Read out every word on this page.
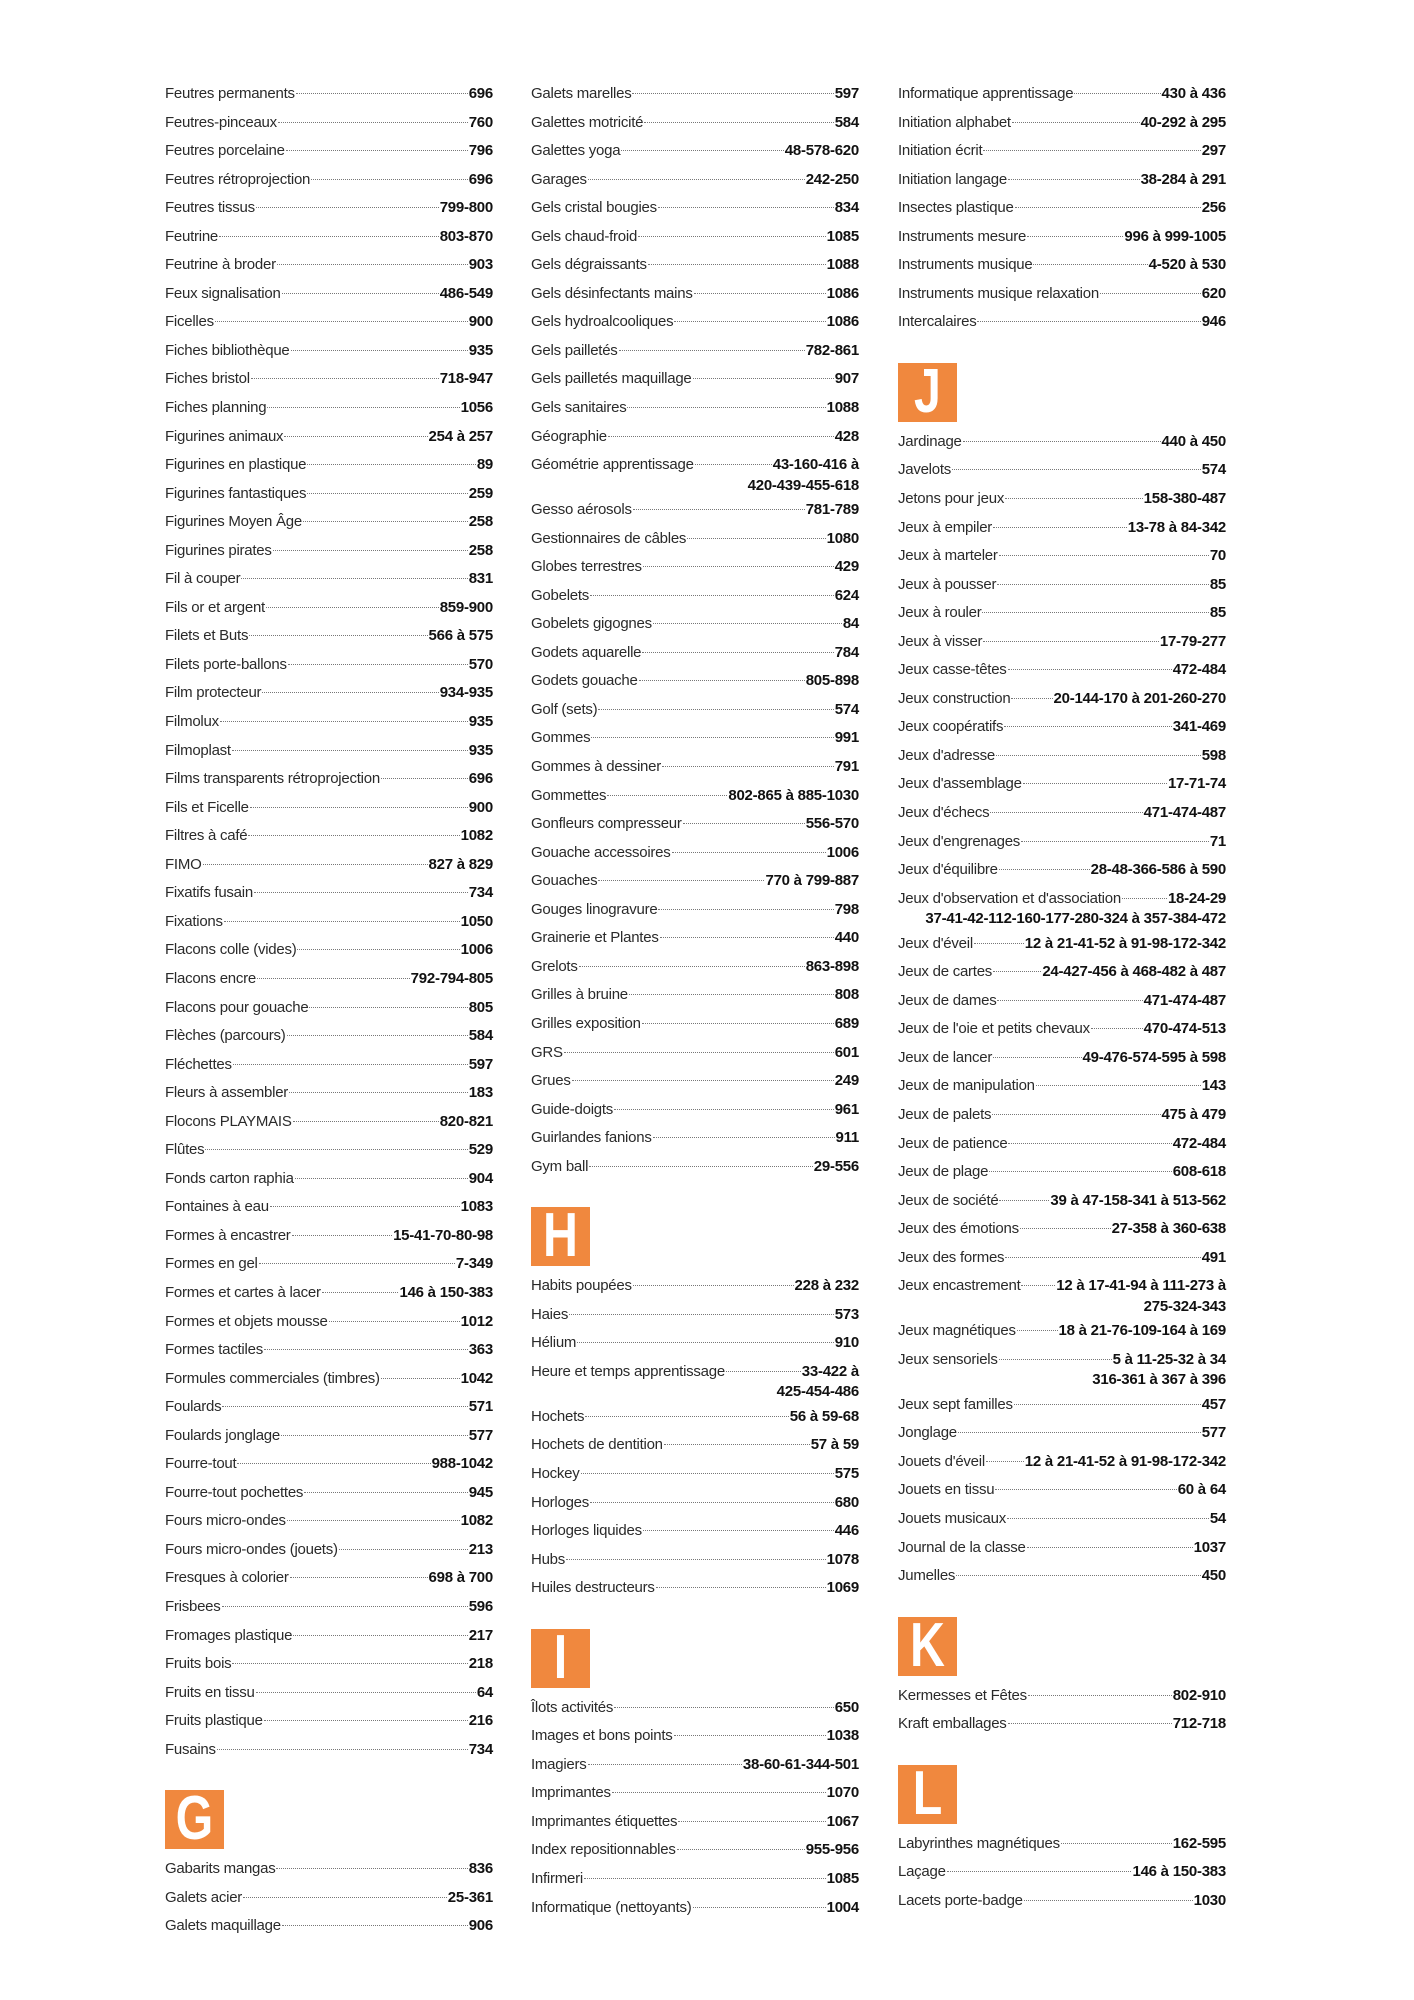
Feutres permanents	696
Feutres-pinceaux	760
Feutres porcelaine	796
Feutres rétroprojection	696
Feutres tissus	799-800
Feutrine	803-870
Feutrine à broder	903
Feux signalisation	486-549
Ficelles	900
Fiches bibliothèque	935
Fiches bristol	718-947
Fiches planning	1056
Figurines animaux	254 à 257
Figurines en plastique	89
Figurines fantastiques	259
Figurines Moyen Âge	258
Figurines pirates	258
Fil à couper	831
Fils or et argent	859-900
Filets et Buts	566 à 575
Filets porte-ballons	570
Film protecteur	934-935
Filmolux	935
Filmoplast	935
Films transparents rétroprojection	696
Fils et Ficelle	900
Filtres à café	1082
FIMO	827 à 829
Fixatifs fusain	734
Fixations	1050
Flacons colle (vides)	1006
Flacons encre	792-794-805
Flacons pour gouache	805
Flèches (parcours)	584
Fléchettes	597
Fleurs à assembler	183
Flocons PLAYMAIS	820-821
Flûtes	529
Fonds carton raphia	904
Fontaines à eau	1083
Formes à encastrer	15-41-70-80-98
Formes en gel	7-349
Formes et cartes à lacer	146 à 150-383
Formes et objets mousse	1012
Formes tactiles	363
Formules commerciales (timbres)	1042
Foulards	571
Foulards jonglage	577
Fourre-tout	988-1042
Fourre-tout pochettes	945
Fours micro-ondes	1082
Fours micro-ondes (jouets)	213
Fresques à colorier	698 à 700
Frisbees	596
Fromages plastique	217
Fruits bois	218
Fruits en tissu	64
Fruits plastique	216
Fusains	734
G
Gabarits mangas	836
Galets acier	25-361
Galets maquillage	906
Galets marelles	597
Galettes motricité	584
Galettes yoga	48-578-620
Garages	242-250
Gels cristal bougies	834
Gels chaud-froid	1085
Gels dégraissants	1088
Gels désinfectants mains	1086
Gels hydroalcooliques	1086
Gels pailletés	782-861
Gels pailletés maquillage	907
Gels sanitaires	1088
Géographie	428
Géométrie apprentissage	43-160-416 à
420-439-455-618
Gesso aérosols	781-789
Gestionnaires de câbles	1080
Globes terrestres	429
Gobelets	624
Gobelets gigognes	84
Godets aquarelle	784
Godets gouache	805-898
Golf (sets)	574
Gommes	991
Gommes à dessiner	791
Gommettes	802-865 à 885-1030
Gonfleurs compresseur	556-570
Gouache accessoires	1006
Gouaches	770 à 799-887
Gouges linogravure	798
Grainerie et Plantes	440
Grelots	863-898
Grilles à bruine	808
Grilles exposition	689
GRS	601
Grues	249
Guide-doigts	961
Guirlandes fanions	911
Gym ball	29-556
H
Habits poupées	228 à 232
Haies	573
Hélium	910
Heure et temps apprentissage	33-422 à
425-454-486
Hochets	56 à 59-68
Hochets de dentition	57 à 59
Hockey	575
Horloges	680
Horloges liquides	446
Hubs	1078
Huiles destructeurs	1069
I
Îlots activités	650
Images et bons points	1038
Imagiers	38-60-61-344-501
Imprimantes	1070
Imprimantes étiquettes	1067
Index repositionnables	955-956
Infirmeri	1085
Informatique (nettoyants)	1004
Informatique apprentissage	430 à 436
Initiation alphabet	40-292 à 295
Initiation écrit	297
Initiation langage	38-284 à 291
Insectes plastique	256
Instruments mesure	996 à 999-1005
Instruments musique	4-520 à 530
Instruments musique relaxation	620
Intercalaires	946
J
Jardinage	440 à 450
Javelots	574
Jetons pour jeux	158-380-487
Jeux à empiler	13-78 à 84-342
Jeux à marteler	70
Jeux à pousser	85
Jeux à rouler	85
Jeux à visser	17-79-277
Jeux casse-têtes	472-484
Jeux construction	20-144-170 à 201-260-270
Jeux coopératifs	341-469
Jeux d'adresse	598
Jeux d'assemblage	17-71-74
Jeux d'échecs	471-474-487
Jeux d'engrenages	71
Jeux d'équilibre	28-48-366-586 à 590
Jeux d'observation et d'association	18-24-29
37-41-42-112-160-177-280-324 à 357-384-472
Jeux d'éveil	12 à 21-41-52 à 91-98-172-342
Jeux de cartes	24-427-456 à 468-482 à 487
Jeux de dames	471-474-487
Jeux de l'oie et petits chevaux	470-474-513
Jeux de lancer	49-476-574-595 à 598
Jeux de manipulation	143
Jeux de palets	475 à 479
Jeux de patience	472-484
Jeux de plage	608-618
Jeux de société	39 à 47-158-341 à 513-562
Jeux des émotions	27-358 à 360-638
Jeux des formes	491
Jeux encastrement 12 à 17-41-94 à 111-273 à
275-324-343
Jeux magnétiques	18 à 21-76-109-164 à 169
Jeux sensoriels	5 à 11-25-32 à 34
316-361 à 367 à 396
Jeux sept familles	457
Jonglage	577
Jouets d'éveil	12 à 21-41-52 à 91-98-172-342
Jouets en tissu	60 à 64
Jouets musicaux	54
Journal de la classe	1037
Jumelles	450
K
Kermesses et Fêtes	802-910
Kraft emballages	712-718
L
Labyrinthes magnétiques	162-595
Laçage	146 à 150-383
Lacets porte-badge	1030
